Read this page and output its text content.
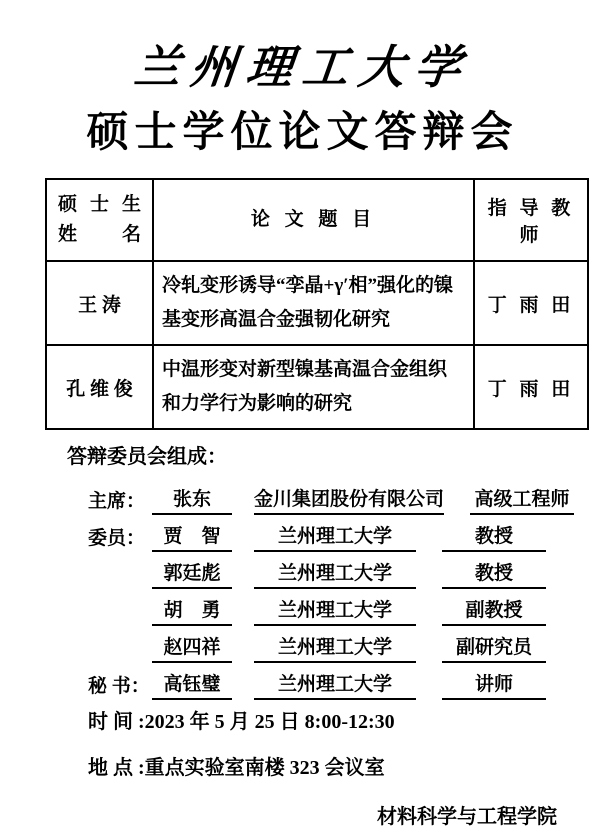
兰州理工大学
硕士学位论文答辩会
硕 士 生
姓　　名	论 文 题 目	指 导 教 师
王 涛	冷轧变形诱导“孪晶+γ′相”强化的镍基变形高温合金强韧化研究	丁 雨 田
孔 维 俊	中温形变对新型镍基高温合金组织和力学行为影响的研究	丁 雨 田
答辩委员会组成：
主席：	张东	金川集团股份有限公司 高级工程师
委员： 贾　智	兰州理工大学	教授
郭廷彪	兰州理工大学	教授
胡　勇	兰州理工大学	副教授
赵四祥	兰州理工大学	副研究员
秘 书： 高钰璧	兰州理工大学	讲师
时 间 :2023 年 5 月 25 日 8:00-12:30
地 点 :重点实验室南楼 323 会议室
材料科学与工程学院
